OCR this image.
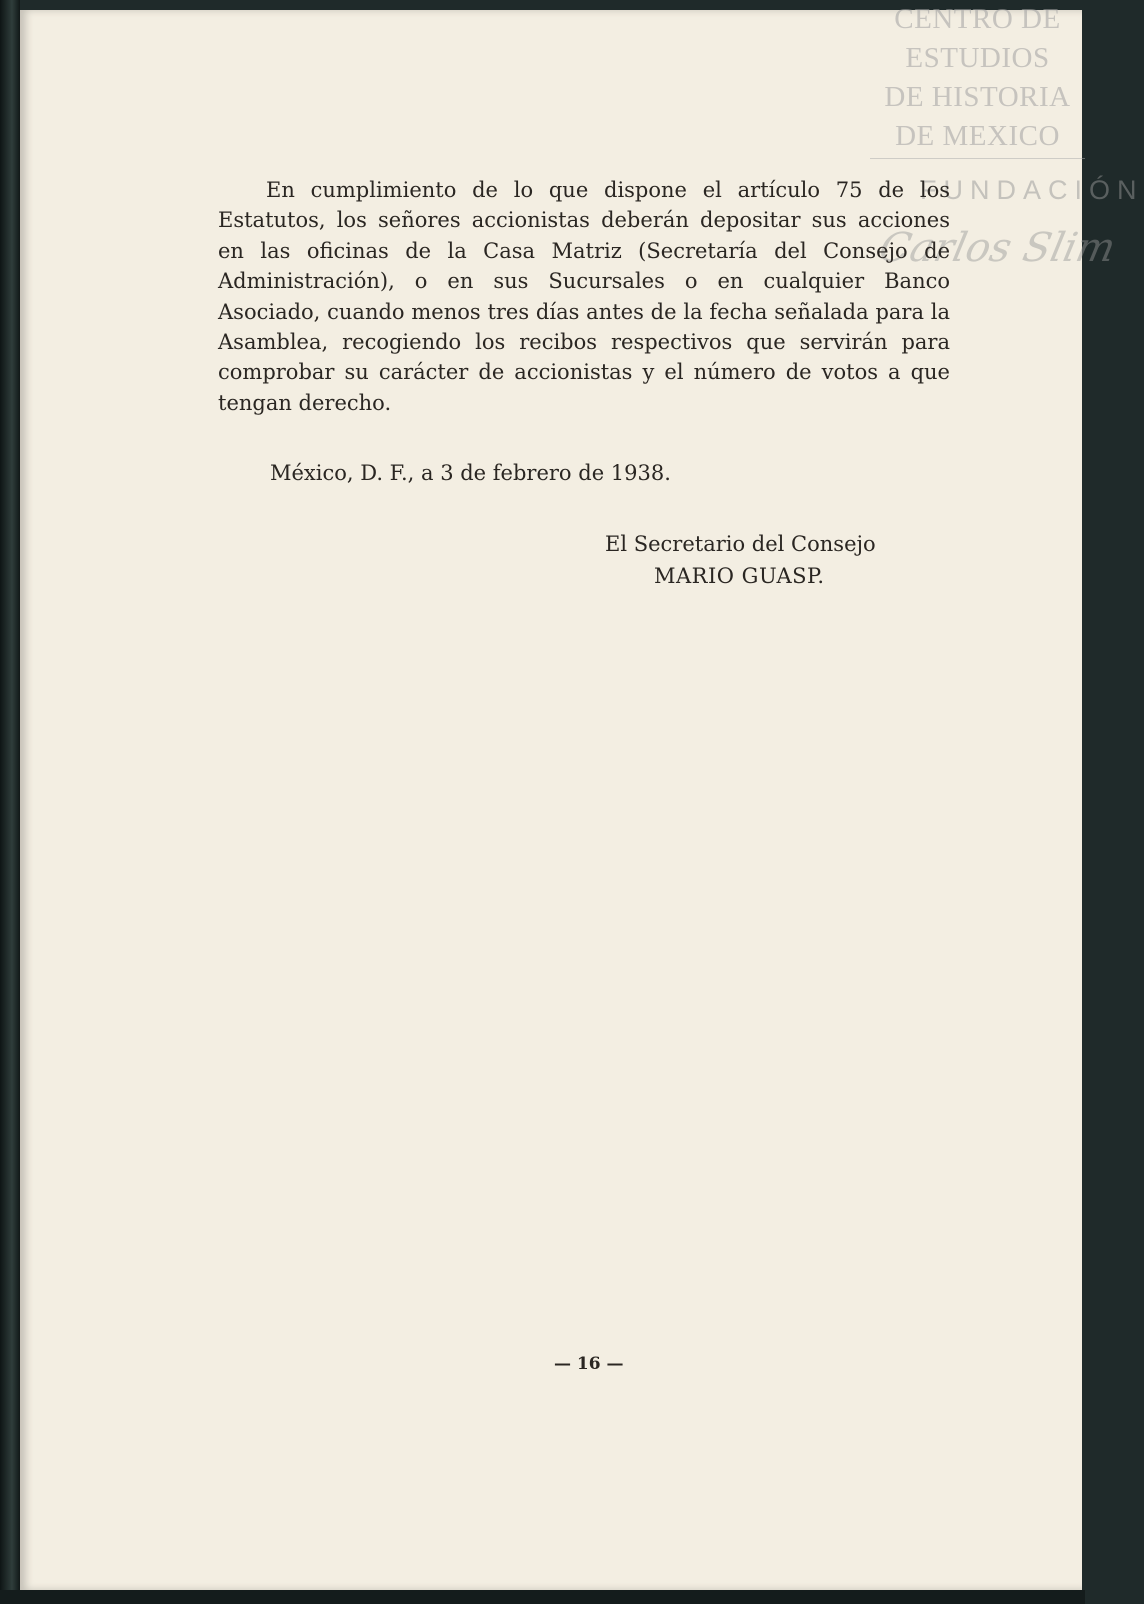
CENTRO DE
ESTUDIOS
DE HISTORIA
DE MEXICO
FUNDACIÓN
Carlos Slim

En cumplimiento de lo que dispone el artículo 75 de los Estatutos, los señores accionistas deberán depositar sus acciones en las oficinas de la Casa Matriz (Secretaría del Consejo de Administración), o en sus Sucursales o en cualquier Banco Asociado, cuando menos tres días antes de la fecha señalada para la Asamblea, recogiendo los recibos respectivos que servirán para comprobar su carácter de accionistas y el número de votos a que tengan derecho.

México, D. F., a 3 de febrero de 1938.
El Secretario del Consejo
MARIO GUASP.
— 16 —
